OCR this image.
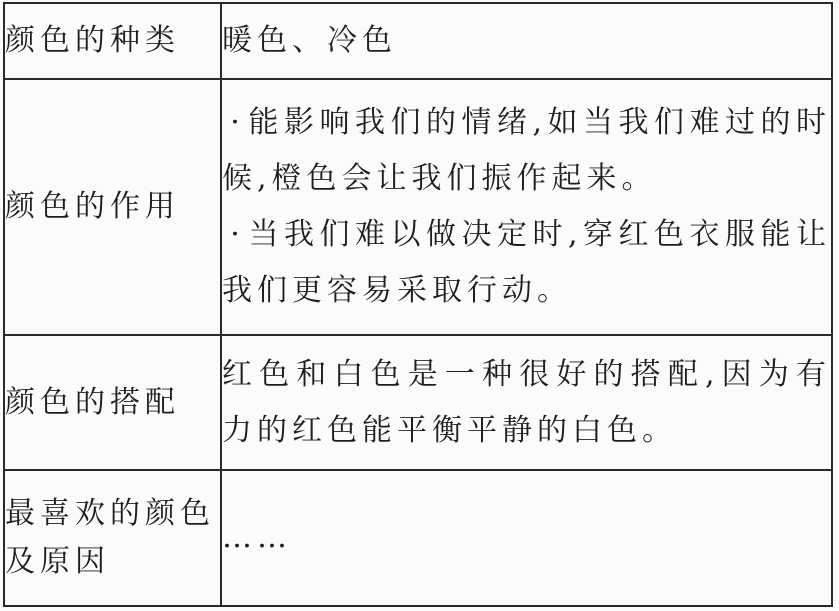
颜色的种类	暖色、冷色

颜色的作用	· 能影响我们的情绪,如当我们难过的时候,橙色会让我们振作起来。
· 当我们难以做决定时,穿红色衣服能让我们更容易采取行动。

颜色的搭配	红色和白色是一种很好的搭配,因为有力的红色能平衡平静的白色。

最喜欢的颜色及原因	……
